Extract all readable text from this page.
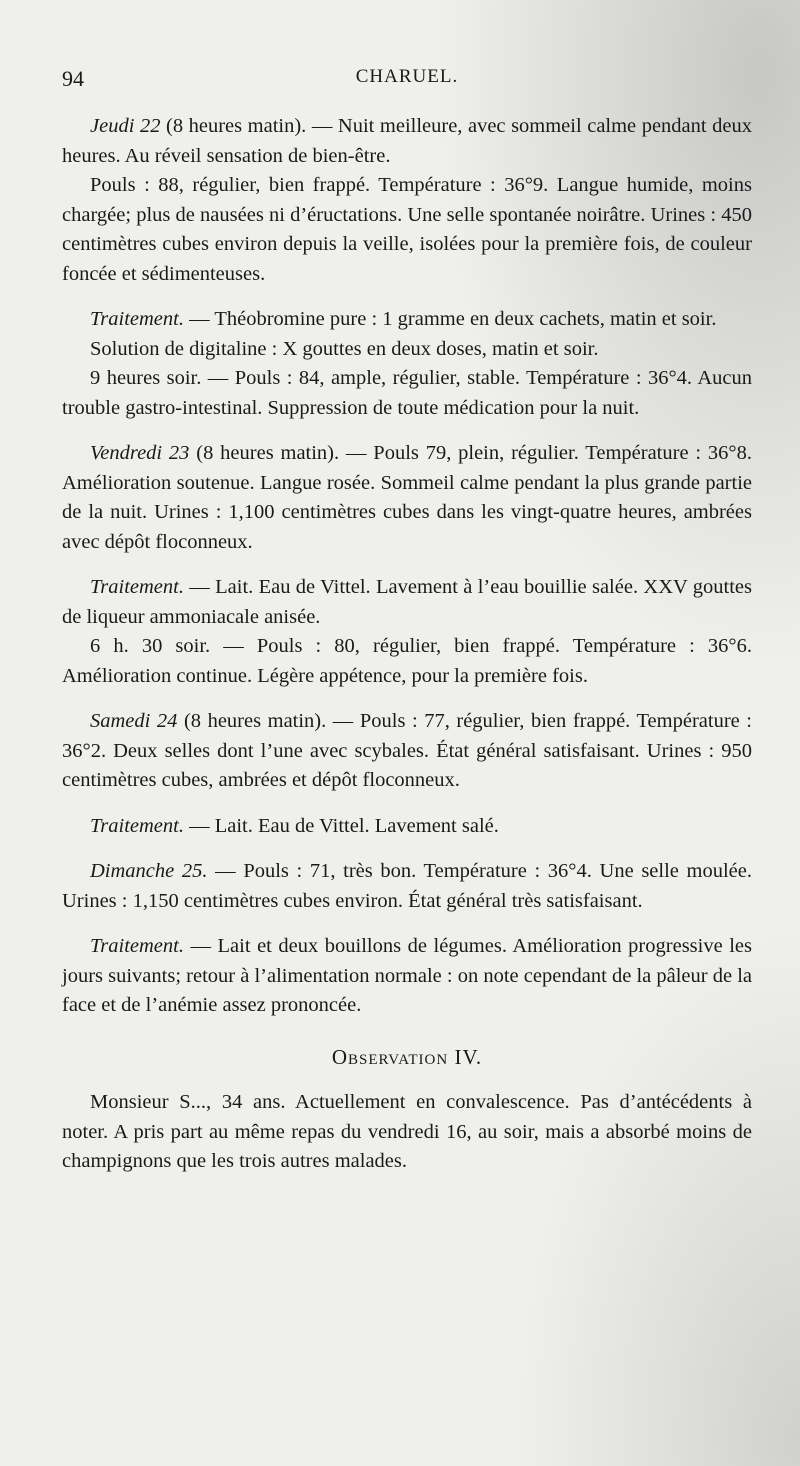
94	CHARUEL.

Jeudi 22 (8 heures matin). — Nuit meilleure, avec sommeil calme pendant deux heures. Au réveil sensation de bien-être.

Pouls : 88, régulier, bien frappé. Température : 36°9. Langue humide, moins chargée; plus de nausées ni d’éructations. Une selle spontanée noirâtre. Urines : 450 centimètres cubes environ depuis la veille, isolées pour la première fois, de couleur foncée et sédimenteuses.

Traitement. — Théobromine pure : 1 gramme en deux cachets, matin et soir.

Solution de digitaline : X gouttes en deux doses, matin et soir.

9 heures soir. — Pouls : 84, ample, régulier, stable. Température : 36°4. Aucun trouble gastro-intestinal. Suppression de toute médication pour la nuit.

Vendredi 23 (8 heures matin). — Pouls 79, plein, régulier. Température : 36°8. Amélioration soutenue. Langue rosée. Sommeil calme pendant la plus grande partie de la nuit. Urines : 1,100 centimètres cubes dans les vingt-quatre heures, ambrées avec dépôt floconneux.

Traitement. — Lait. Eau de Vittel. Lavement à l’eau bouillie salée. XXV gouttes de liqueur ammoniacale anisée.

6 h. 30 soir. — Pouls : 80, régulier, bien frappé. Température : 36°6. Amélioration continue. Légère appétence, pour la première fois.

Samedi 24 (8 heures matin). — Pouls : 77, régulier, bien frappé. Température : 36°2. Deux selles dont l’une avec scybales. État général satisfaisant. Urines : 950 centimètres cubes, ambrées et dépôt floconneux.

Traitement. — Lait. Eau de Vittel. Lavement salé.

Dimanche 25. — Pouls : 71, très bon. Température : 36°4. Une selle moulée. Urines : 1,150 centimètres cubes environ. État général très satisfaisant.

Traitement. — Lait et deux bouillons de légumes. Amélioration progressive les jours suivants; retour à l’alimentation normale : on note cependant de la pâleur de la face et de l’anémie assez prononcée.

Observation IV.

Monsieur S..., 34 ans. Actuellement en convalescence. Pas d’antécédents à noter. A pris part au même repas du vendredi 16, au soir, mais a absorbé moins de champignons que les trois autres malades.
